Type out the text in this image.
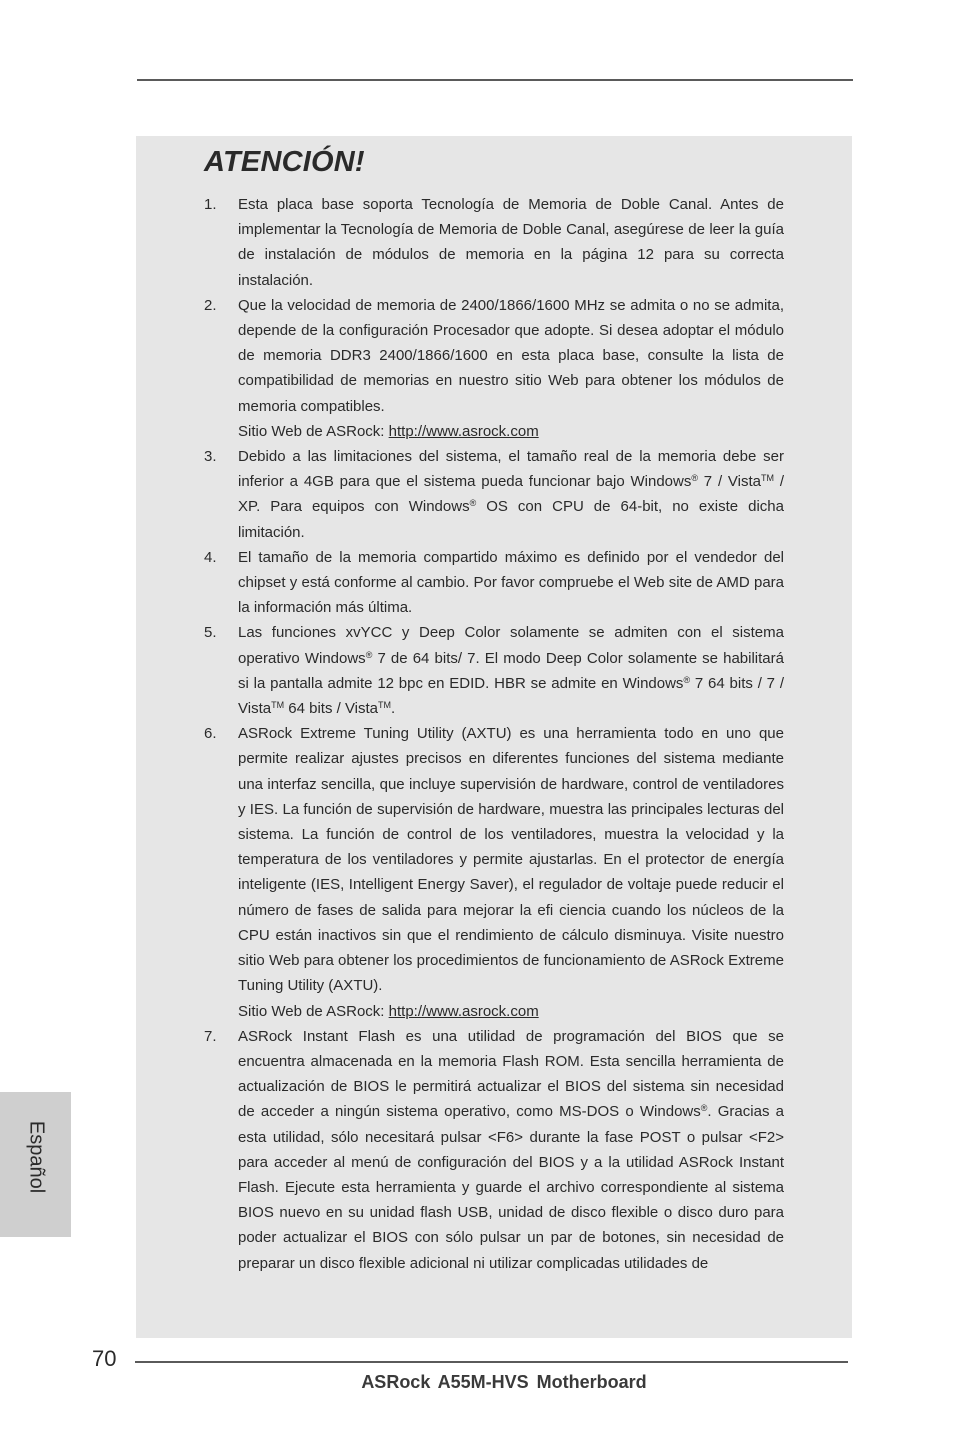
ATENCIÓN!
1. Esta placa base soporta Tecnología de Memoria de Doble Canal. Antes de implementar la Tecnología de Memoria de Doble Canal, asegúrese de leer la guía de instalación de módulos de memoria en la página 12 para su correcta instalación.

2. Que la velocidad de memoria de 2400/1866/1600 MHz se admita o no se admita, depende de la configuración Procesador que adopte. Si desea adoptar el módulo de memoria DDR3 2400/1866/1600 en esta placa base, consulte la lista de compatibilidad de memorias en nuestro sitio Web para obtener los módulos de memoria compatibles.

Sitio Web de ASRock: http://www.asrock.com

3. Debido a las limitaciones del sistema, el tamaño real de la memoria debe ser inferior a 4GB para que el sistema pueda funcionar bajo Windows® 7 / Vista™ / XP. Para equipos con Windows® OS con CPU de 64-bit, no existe dicha limitación.

4. El tamaño de la memoria compartido máximo es definido por el vendedor del chipset y está conforme al cambio. Por favor compruebe el Web site de AMD para la información más última.

5. Las funciones xvYCC y Deep Color solamente se admiten con el sistema operativo Windows® 7 de 64 bits/ 7. El modo Deep Color solamente se habilitará si la pantalla admite 12 bpc en EDID. HBR se admite en Windows® 7 64 bits / 7 / Vista™ 64 bits / Vista™.

6. ASRock Extreme Tuning Utility (AXTU) es una herramienta todo en uno que permite realizar ajustes precisos en diferentes funciones del sistema mediante una interfaz sencilla, que incluye supervisión de hardware, control de ventiladores y IES. La función de supervisión de hardware, muestra las principales lecturas del sistema. La función de control de los ventiladores, muestra la velocidad y la temperatura de los ventiladores y permite ajustarlas. En el protector de energía inteligente (IES, Intelligent Energy Saver), el regulador de voltaje puede reducir el número de fases de salida para mejorar la efi ciencia cuando los núcleos de la CPU están inactivos sin que el rendimiento de cálculo disminuya. Visite nuestro sitio Web para obtener los procedimientos de funcionamiento de ASRock Extreme Tuning Utility (AXTU).

Sitio Web de ASRock: http://www.asrock.com

7. ASRock Instant Flash es una utilidad de programación del BIOS que se encuentra almacenada en la memoria Flash ROM. Esta sencilla herramienta de actualización de BIOS le permitirá actualizar el BIOS del sistema sin necesidad de acceder a ningún sistema operativo, como MS-DOS o Windows®. Gracias a esta utilidad, sólo necesitará pulsar <F6> durante la fase POST o pulsar <F2> para acceder al menú de configuración del BIOS y a la utilidad ASRock Instant Flash. Ejecute esta herramienta y guarde el archivo correspondiente al sistema BIOS nuevo en su unidad flash USB, unidad de disco flexible o disco duro para poder actualizar el BIOS con sólo pulsar un par de botones, sin necesidad de preparar un disco flexible adicional ni utilizar complicadas utilidades de

Español
70
ASRock A55M-HVS Motherboard
